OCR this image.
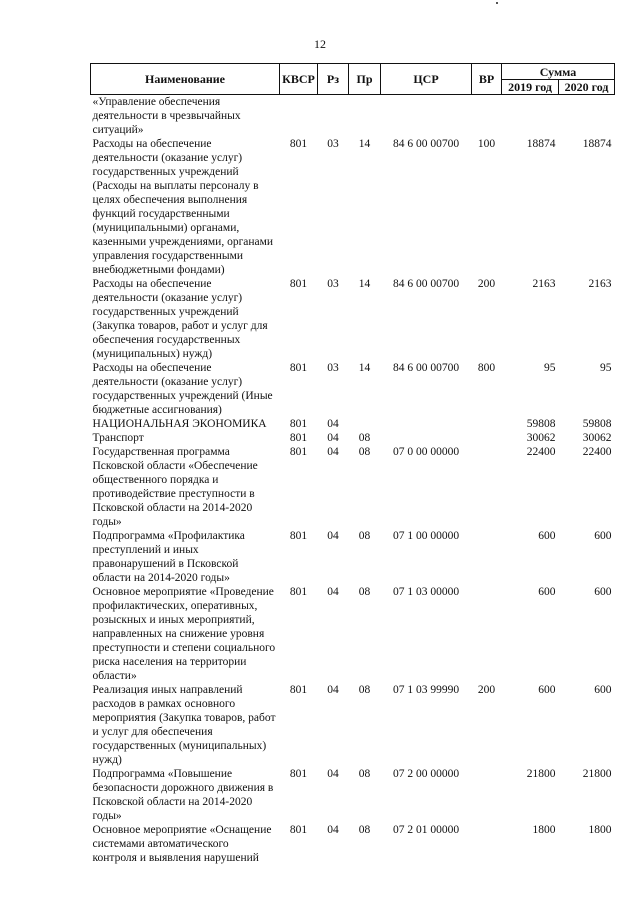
12
Наименование	КВСР	Рз	Пр	ЦСР	ВР	Сумма	
						2019 год	2020 год
«Управление обеспечения деятельности в чрезвычайных ситуаций»							
Расходы на обеспечение деятельности (оказание услуг) государственных учреждений (Расходы на выплаты персоналу в целях обеспечения выполнения функций государственными (муниципальными) органами, казенными учреждениями, органами управления государственными внебюджетными фондами)	801	03	14	84 6 00 00700	100	18874	18874
Расходы на обеспечение деятельности (оказание услуг) государственных учреждений (Закупка товаров, работ и услуг для обеспечения государственных (муниципальных) нужд)	801	03	14	84 6 00 00700	200	2163	2163
Расходы на обеспечение деятельности (оказание услуг) государственных учреждений (Иные бюджетные ассигнования)	801	03	14	84 6 00 00700	800	95	95
НАЦИОНАЛЬНАЯ ЭКОНОМИКА	801	04				59808	59808
Транспорт	801	04	08			30062	30062
Государственная программа Псковской области «Обеспечение общественного порядка и противодействие преступности в Псковской области на 2014-2020 годы»	801	04	08	07 0 00 00000		22400	22400
Подпрограмма «Профилактика преступлений и иных правонарушений в Псковской области на 2014-2020 годы»	801	04	08	07 1 00 00000		600	600
Основное мероприятие «Проведение профилактических, оперативных, розыскных и иных мероприятий, направленных на снижение уровня преступности и степени социального риска населения на территории области»	801	04	08	07 1 03 00000		600	600
Реализация иных направлений расходов в рамках основного мероприятия (Закупка товаров, работ и услуг для обеспечения государственных (муниципальных) нужд)	801	04	08	07 1 03 99990	200	600	600
Подпрограмма «Повышение безопасности дорожного движения в Псковской области на 2014-2020 годы»	801	04	08	07 2 00 00000		21800	21800
Основное мероприятие «Оснащение системами автоматического контроля и выявления нарушений	801	04	08	07 2 01 00000		1800	1800
